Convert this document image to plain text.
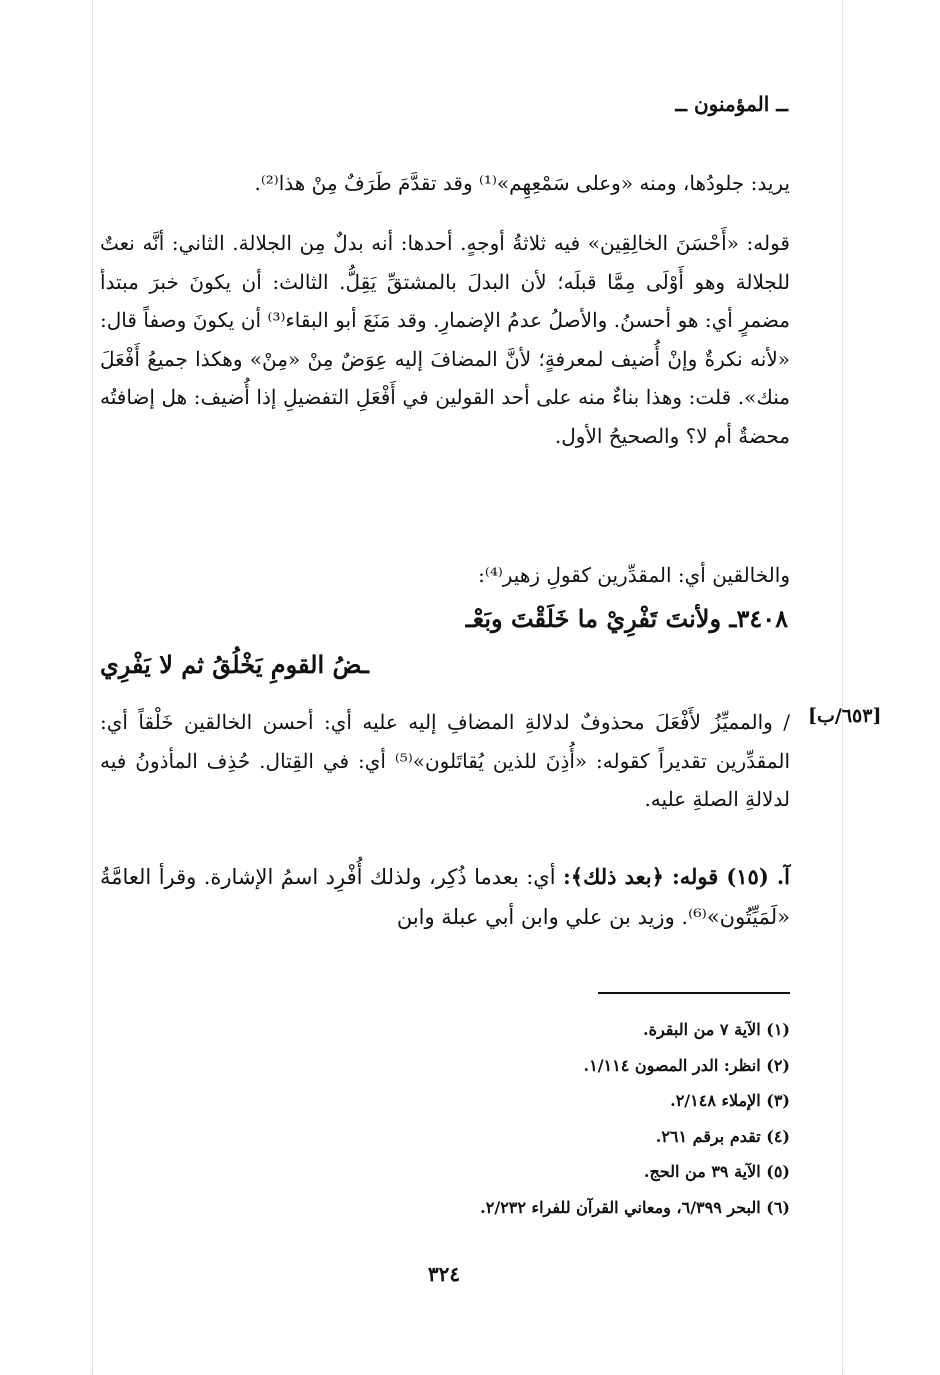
ــ المؤمنون ــ
يريد: جلودُها، ومنه «وعلى سَمْعِهِم»⁽¹⁾ وقد تقدَّمَ طَرَفٌ مِنْ هذا⁽²⁾.
قوله: «أَحْسَنَ الخالِقِين» فيه ثلاثةُ أوجهٍ. أحدها: أنه بدلٌ مِن الجلالة. الثاني: أنَّه نعتٌ للجلالة وهو أَوْلَى مِمَّا قبلَه؛ لأن البدلَ بالمشتقِّ يَقِلُّ. الثالث: أن يكونَ خبرَ مبتدأ مضمرٍ أي: هو أحسنُ. والأصلُ عدمُ الإضمارِ. وقد مَنَعَ أبو البقاء⁽³⁾ أن يكونَ وصفاً قال: «لأنه نكرةٌ وإنْ أُضيف لمعرفةٍ؛ لأنَّ المضافَ إليه عِوَضٌ مِنْ «مِنْ» وهكذا جميعُ أَفْعَلَ منك». قلت: وهذا بناءٌ منه على أحد القولين في أَفْعَلِ التفضيلِ إذا أُضيف: هل إضافتُه محضةٌ أم لا؟ والصحيحُ الأول.
والخالقين أي: المقدِّرين كقولِ زهير⁽⁴⁾:
٣٤٠٨ـ ولأنتَ تَفْرِيْ ما خَلَقْتَ وبَعْـ
ـضُ القومِ يَخْلُقُ ثم لا يَفْرِي
[٦٥٣/ب]
/ والمميِّزُ لأَفْعَلَ محذوفٌ لدلالةِ المضافِ إليه عليه أي: أحسن الخالقين خَلْقاً أي: المقدِّرين تقديراً كقوله: «أُذِنَ للذين يُقاتَلون»⁽⁵⁾ أي: في القِتال. حُذِف المأذونُ فيه لدلالةِ الصلةِ عليه.
آ. (١٥) قوله: ﴿بعد ذلك﴾: أي: بعدما ذُكِر، ولذلك أُفْرِد اسمُ الإشارة. وقرأ العامَّةُ «لَمَيِّتُون»⁽⁶⁾. وزيد بن علي وابن أبي عبلة وابن
(١) الآية ٧ من البقرة.
(٢) انظر: الدر المصون ١/١١٤.
(٣) الإملاء ٢/١٤٨.
(٤) تقدم برقم ٢٦١.
(٥) الآية ٣٩ من الحج.
(٦) البحر ٦/٣٩٩، ومعاني القرآن للفراء ٢/٢٣٢.
٣٢٤
